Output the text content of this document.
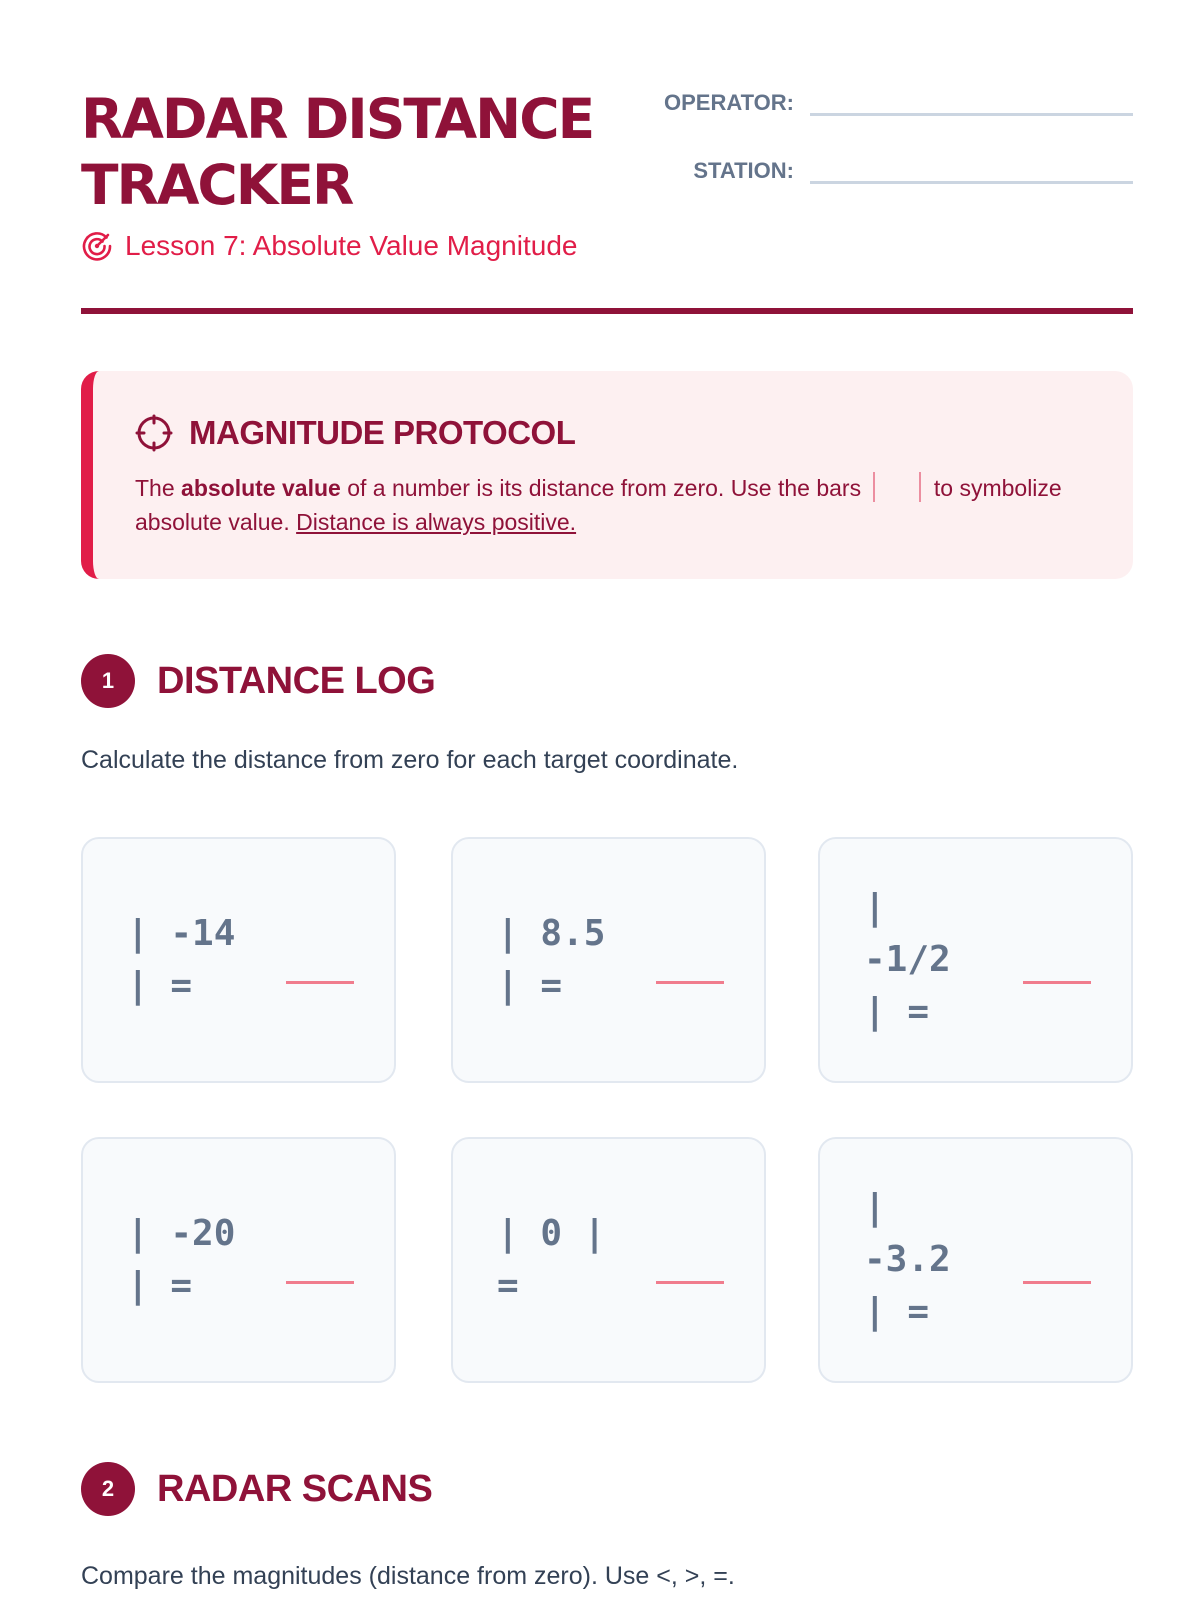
RADAR DISTANCE TRACKER
Lesson 7: Absolute Value Magnitude
OPERATOR:
STATION:
MAGNITUDE PROTOCOL

The absolute value of a number is its distance from zero. Use the bars	to symbolize absolute value. Distance is always positive.

1	DISTANCE LOG

Calculate the distance from zero for each target coordinate.

| -14
| =
| 8.5
| =
|
-1/2
| =
| -20
| =
| 0 |
=
|
-3.2
| =
2	RADAR SCANS

Compare the magnitudes (distance from zero). Use <, >, =.
